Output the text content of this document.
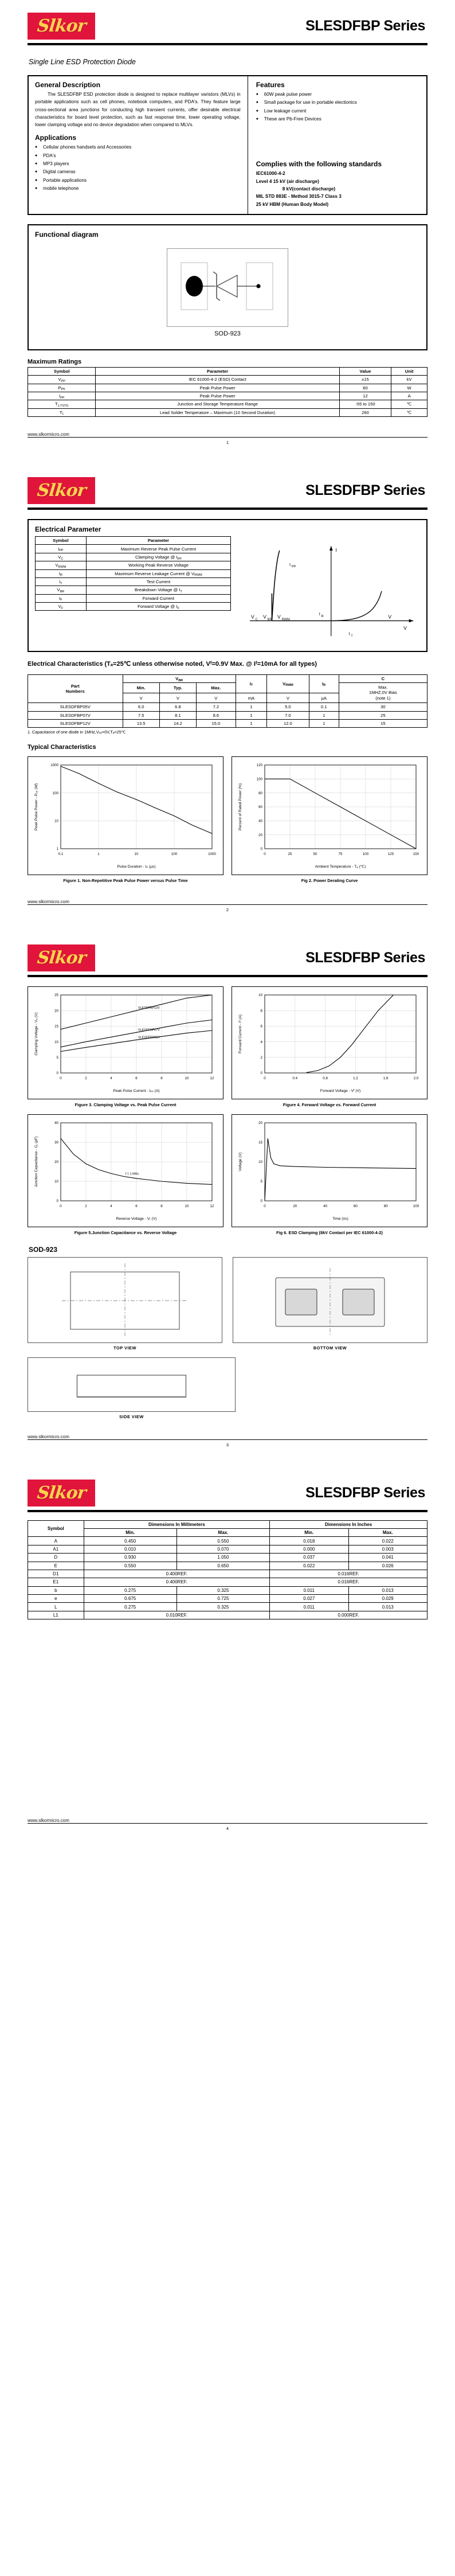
Slkor	SLESDFBP Series
Single Line ESD Protection Diode
General Description

The SLESDFBP ESD protection diode is designed to replace multilayer varistors (MLVs) in portable applications such as cell phones, notebook computers, and PDA's. They feature large cross-sectional area junctions for conducting high transient currents, offer desirable electrical characteristics for board level protection, such as fast response time, lower operating voltage, lower clamping voltage and no device degradation when compared to MLVs.

Applications
●	Cellular phones handsets and Accessories
●	PDA's
●	MP3 players
●	Digital cameras
●	Portable applications
●	mobile telephone
Features
●	60W peak pulse power
●	Small package for use in portable electionics
●	Low leakage current
●	These are Pb-Free Devices
Complies with the following standards
IEC61000-4-2
Level 4 15 kV (air discharge)
8 kV(contact discharge)
MIL STD 883E - Method 3015-7 Class 3
25 kV HBM (Human Body Model)
Functional diagram
SOD-923
Maximum Ratings
Symbol	Parameter	Value	Unit
$V_{PP}$	IEC 61000-4-2 (ESD) Contact	±15	kV
$P_{PK}$	Peak Pulse Power	60	W
$I_{PP}$	Peak Pulse Power	12	A
$T_{J,TSTG}$	Junction and Storage Temperature Range	-55 to 150	℃
$T_L$	Lead Solder Temperature – Maximum (10 Second Duration)	260	℃
www.slkormicro.com
1
Slkor	SLESDFBP Series
Electrical Parameter
Symbol	Parameter
$I_{PP}$	Maximum Reverse Peak Pulse Current
$V_C$	Clamping Voltage @ $I_{PP}$
$V_{RWM}$	Working Peak Reverse Voltage
$I_R$	Maximum Reverse Leakage Current @ $V_{RWM}$
$I_T$	Test Current
$V_{BR}$	Breakdown Voltage @ $I_T$
$I_F$	Forward Current
$V_F$	Forward Voltage @ $I_F$
V C V BR V RWM
V
V
I
I PP
I R
I T
Electrical Characteristics (Tₐ=25℃ unless otherwise noted, Vᶠ=0.9V Max. @ Iᶠ=10mA for all types)
Part
Numbers	$V_{BR}$			$I_T$	$V_{RWM}$	$I_R$	C
	Min.	Typ.	Max.				Max.
1MHZ,0V Bias
(note 1)
	V	V	V	mA	V	µA	
SLESDFBP05V	6.0	6.8	7.2	1	5.0	0.1	30
SLESDFBP07V	7.5	8.1	8.6	1	7.0	1	25
SLESDFBP12V	13.5	14.2	15.0	1	12.0	1	15
1. Capacitance of one diode in 1MHz,Vₑₑ=0V,Tₐ=25℃
Typical Characteristics
0.1	1	10	100	1000
1
10
100
1000
Pulse Duration - tₚ (µs)
Peak Pulse Power - Pₚₚ (W)
Figure 1. Non-Repetitive Peak Pulse Power versus Pulse Time
0	25	50	75	100	125	150
0
20
40
60
80
100
120
Ambient Temperature - Tₐ (℃)
Percent of Rated Power (%)
Fig 2. Power Derating Curve
www.slkormicro.com
2
Slkor	SLESDFBP Series
0	2	4	6	8	10	12
0
5
10
15
20
25
Peak Pulse Current - Iₚₚ (A)
Clamping Voltage - Vₑ (V)
SLESDFBP12V
SLESDFBP07V
SLESDFBP05V
Figure 3. Clamping Voltage vs. Peak Pulse Current
0	0.4	0.8	1.2	1.6	2.0
0
2
4
6
8
10
Forward Voltage - Vᶠ (V)
Forward Current - Iᶠ (A)
Figure 4. Forward Voltage vs. Forward Current
0	2	4	6	8	10	12
0
10
20
30
40
Reverse Voltage - Vᵣ (V)
Junction Capacitance - Cⱼ (pF)	f = 1 MHz
Figure 5.Junction Capacitance vs. Reverse Voltage
0	20	40	60	80	100
0
5
10
15
20
Time (ns)
Voltage (V)
Fig 6. ESD Clamping (8kV Contact per IEC 61000-4-2)
SOD-923
TOP VIEW	BOTTOM VIEW
SIDE VIEW
www.slkormicro.com
3
Slkor	SLESDFBP Series
Symbol	Dimensions In Millimeters		Dimensions In Inches	
	Min.	Max.	Min.	Max.
A	0.450	0.550	0.018	0.022
A1	0.010	0.070	0.000	0.003
D	0.930	1.050	0.037	0.041
E	0.550	0.650	0.022	0.026
D1	0.400REF.		0.016REF.	
E1	0.400REF.		0.016REF.	
b	0.275	0.325	0.011	0.013
e	0.675	0.725	0.027	0.029
L	0.275	0.325	0.011	0.013
L1	0.010REF.		0.000REF.	
www.slkormicro.com
4
